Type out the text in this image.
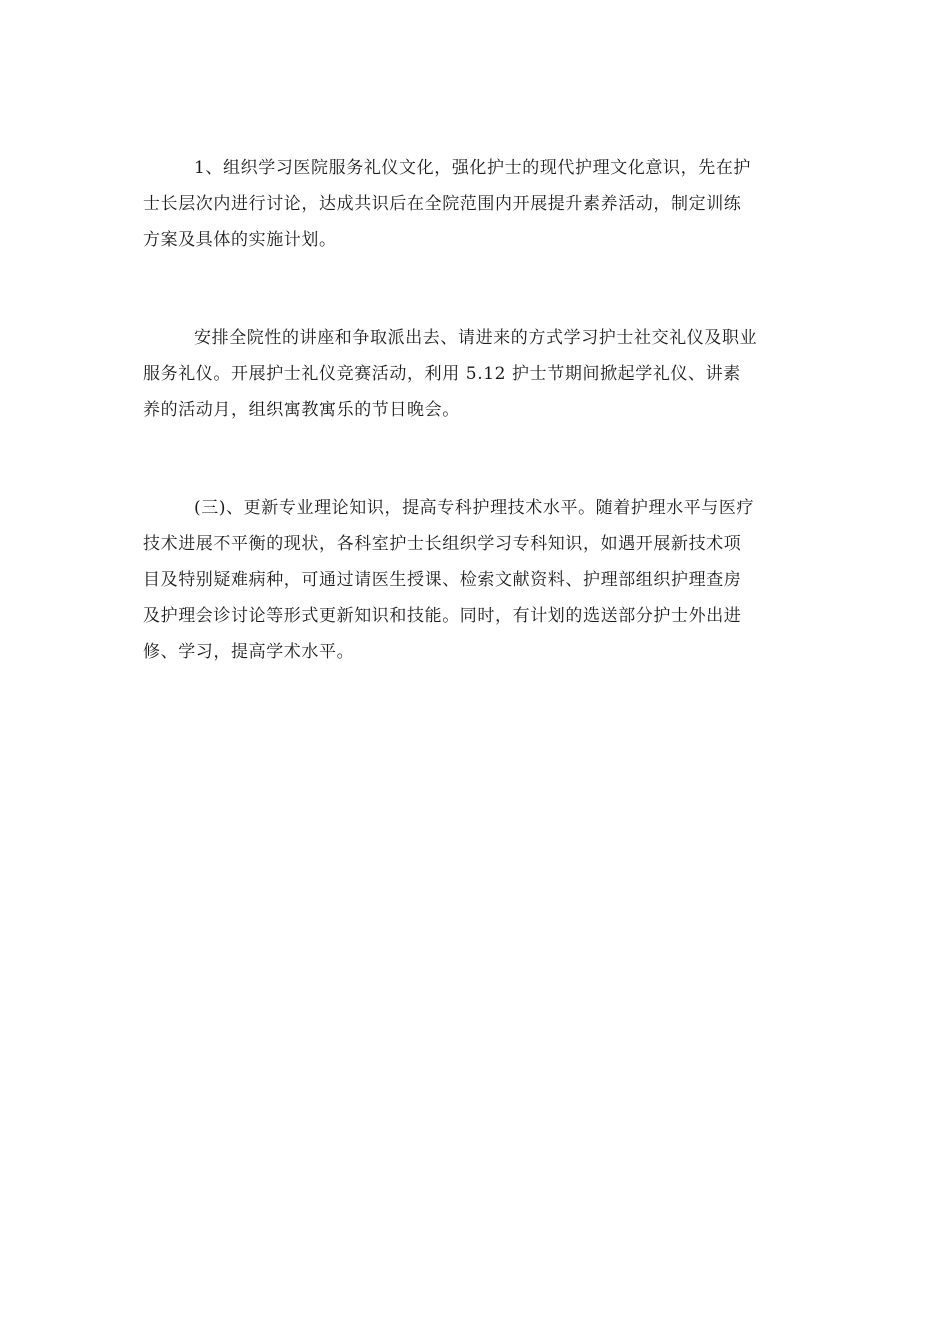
1、组织学习医院服务礼仪文化，强化护士的现代护理文化意识，先在护
士长层次内进行讨论，达成共识后在全院范围内开展提升素养活动，制定训练
方案及具体的实施计划。
安排全院性的讲座和争取派出去、请进来的方式学习护士社交礼仪及职业
服务礼仪。开展护士礼仪竞赛活动，利用 5.12 护士节期间掀起学礼仪、讲素
养的活动月，组织寓教寓乐的节日晚会。
(三)、更新专业理论知识，提高专科护理技术水平。随着护理水平与医疗
技术进展不平衡的现状，各科室护士长组织学习专科知识，如遇开展新技术项
目及特别疑难病种，可通过请医生授课、检索文献资料、护理部组织护理查房
及护理会诊讨论等形式更新知识和技能。同时，有计划的选送部分护士外出进
修、学习，提高学术水平。
